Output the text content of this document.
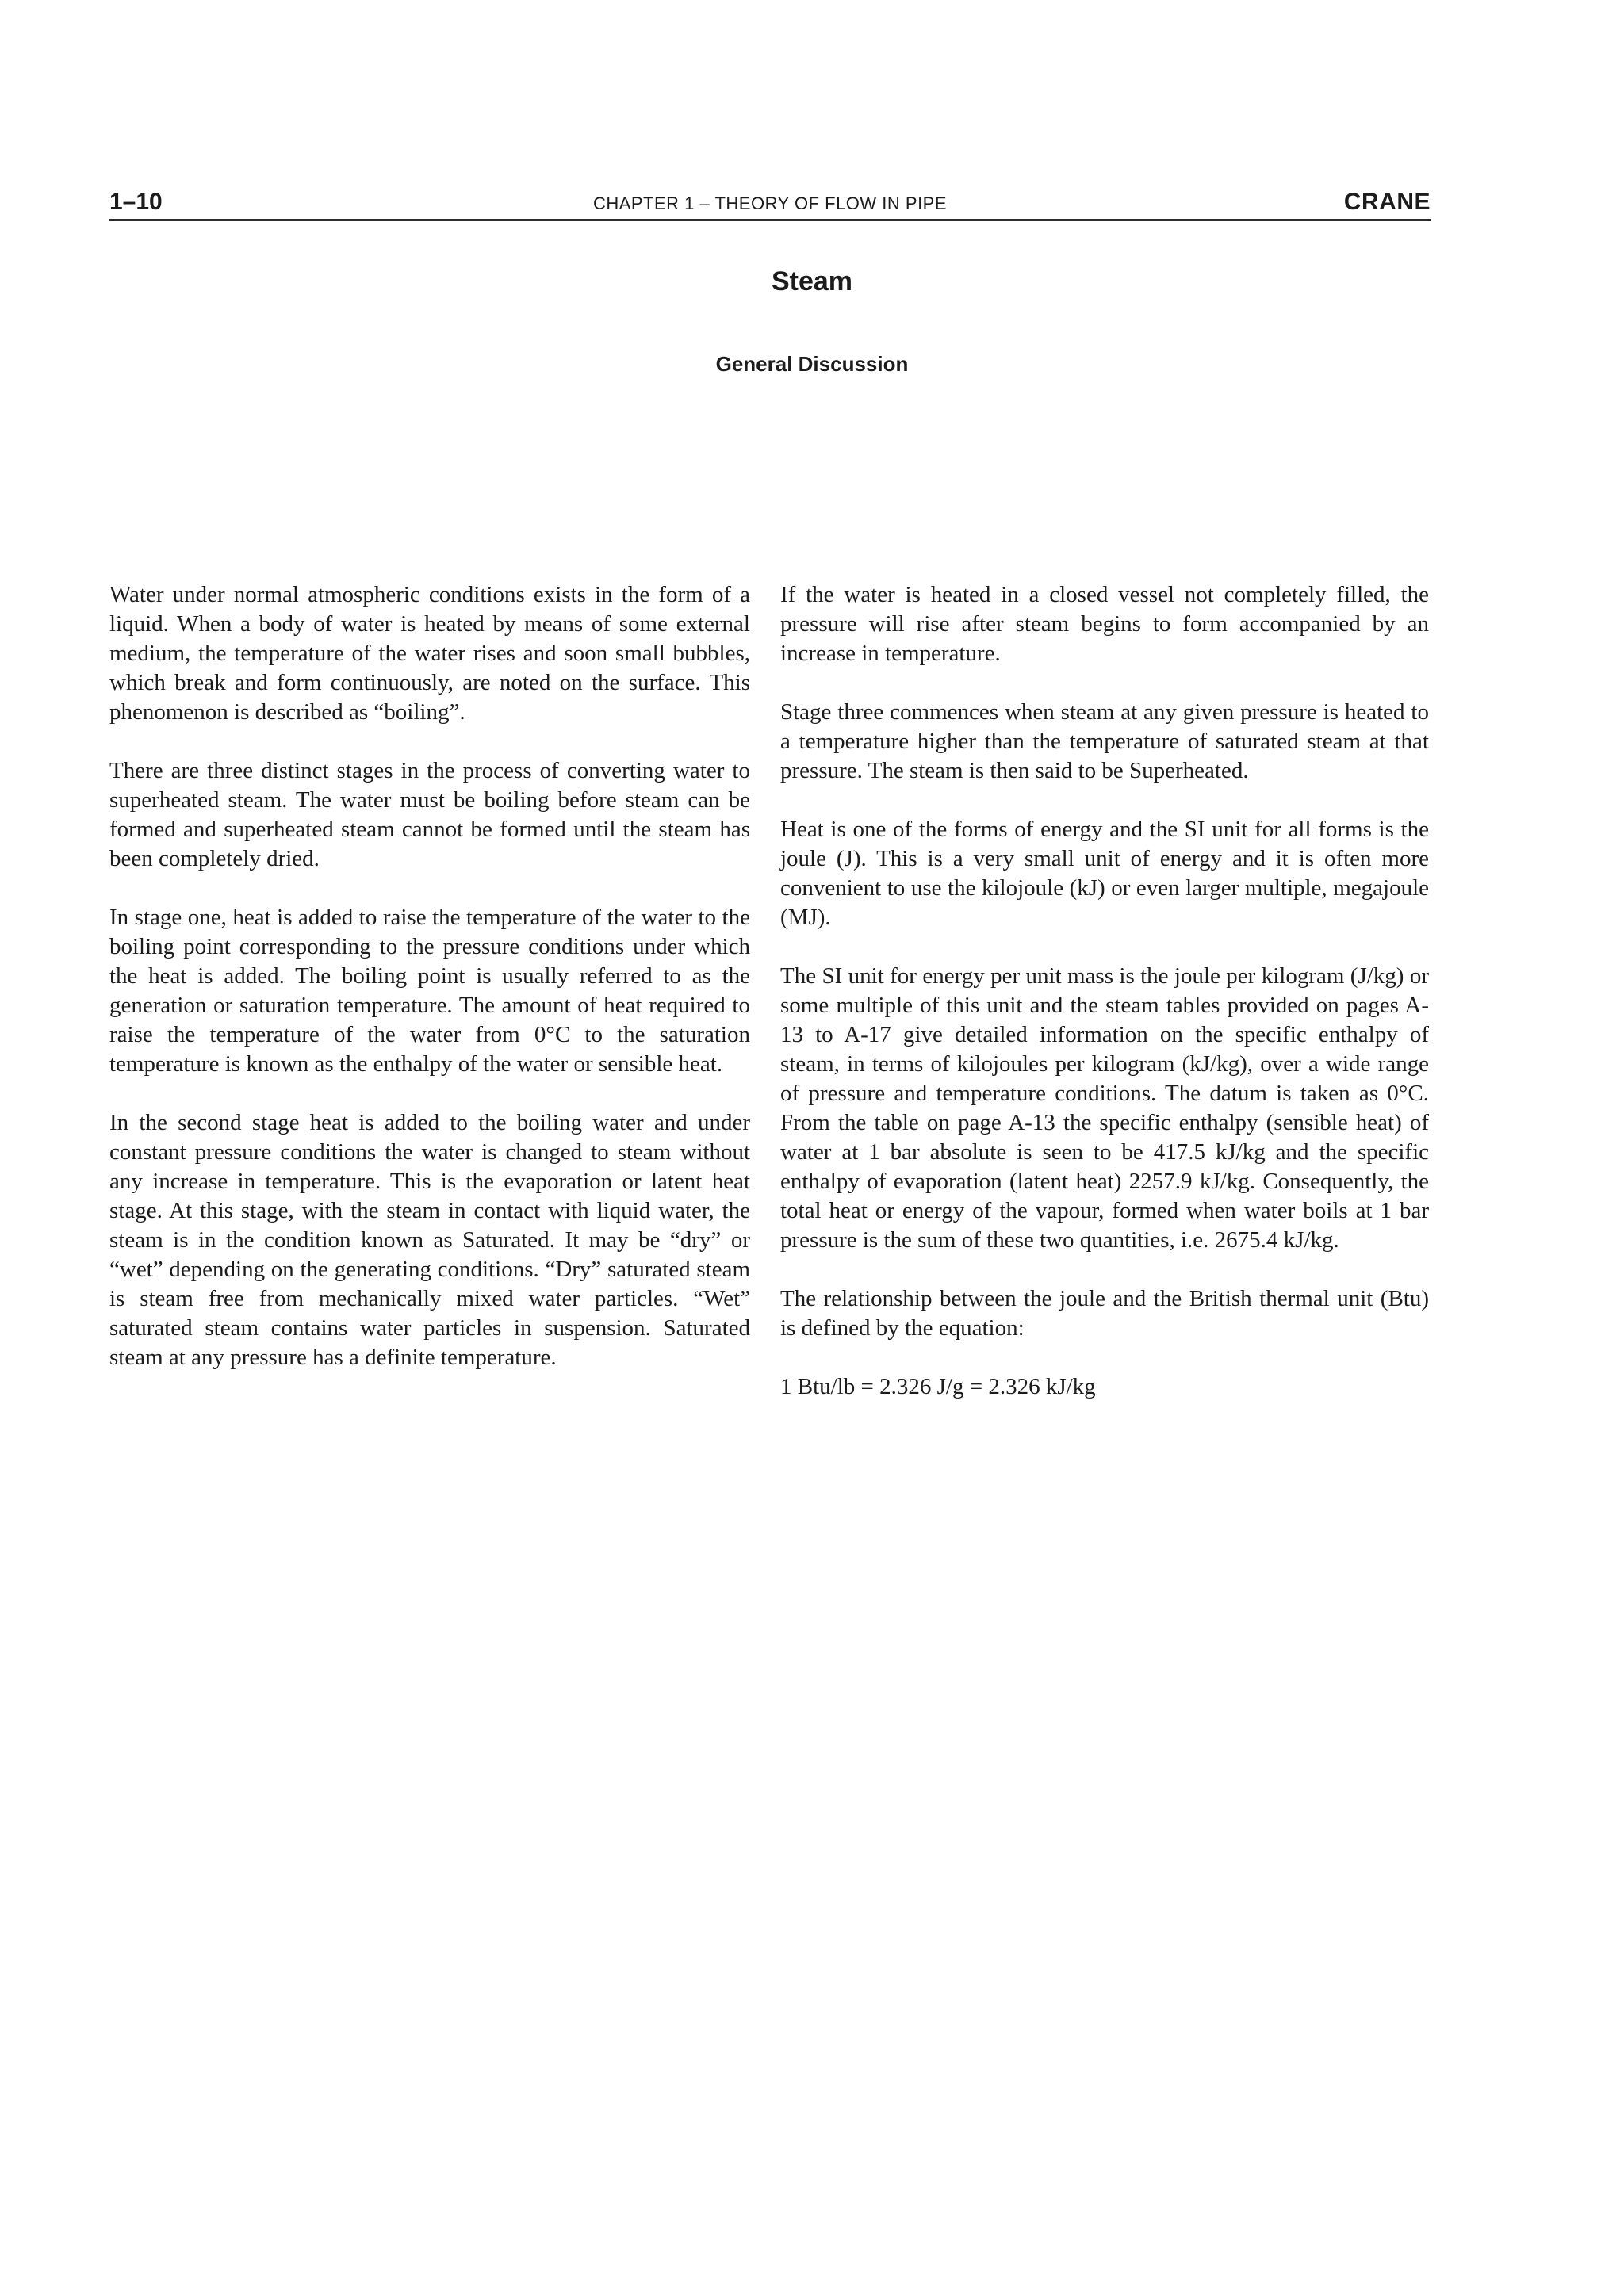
1–10	CHAPTER 1 – THEORY OF FLOW IN PIPE	CRANE
Steam
General Discussion

Water under normal atmospheric conditions exists in the form of a liquid. When a body of water is heated by means of some external medium, the temperature of the water rises and soon small bubbles, which break and form continuously, are noted on the surface. This phenomenon is described as “boiling”.

There are three distinct stages in the process of converting water to superheated steam. The water must be boiling before steam can be formed and superheated steam cannot be formed until the steam has been completely dried.

In stage one, heat is added to raise the temperature of the water to the boiling point corresponding to the pressure conditions under which the heat is added. The boiling point is usually referred to as the generation or saturation temperature. The amount of heat required to raise the temperature of the water from 0°C to the saturation temperature is known as the enthalpy of the water or sensible heat.

In the second stage heat is added to the boiling water and under constant pressure conditions the water is changed to steam without any increase in temperature. This is the evaporation or latent heat stage. At this stage, with the steam in contact with liquid water, the steam is in the condition known as Saturated. It may be “dry” or “wet” depending on the generating conditions. “Dry” saturated steam is steam free from mechanically mixed water particles. “Wet” saturated steam contains water particles in suspension. Saturated steam at any pressure has a definite temperature.

If the water is heated in a closed vessel not completely filled, the pressure will rise after steam begins to form accompanied by an increase in temperature.

Stage three commences when steam at any given pressure is heated to a temperature higher than the temperature of saturated steam at that pressure. The steam is then said to be Superheated.

Heat is one of the forms of energy and the SI unit for all forms is the joule (J). This is a very small unit of energy and it is often more convenient to use the kilojoule (kJ) or even larger multiple, megajoule (MJ).

The SI unit for energy per unit mass is the joule per kilogram (J/kg) or some multiple of this unit and the steam tables provided on pages A-13 to A-17 give detailed information on the specific enthalpy of steam, in terms of kilojoules per kilogram (kJ/kg), over a wide range of pressure and temperature conditions. The datum is taken as 0°C. From the table on page A-13 the specific enthalpy (sensible heat) of water at 1 bar absolute is seen to be 417.5 kJ/kg and the specific enthalpy of evaporation (latent heat) 2257.9 kJ/kg. Consequently, the total heat or energy of the vapour, formed when water boils at 1 bar pressure is the sum of these two quantities, i.e. 2675.4 kJ/kg.

The relationship between the joule and the British thermal unit (Btu) is defined by the equation:

1 Btu/lb = 2.326 J/g = 2.326 kJ/kg
